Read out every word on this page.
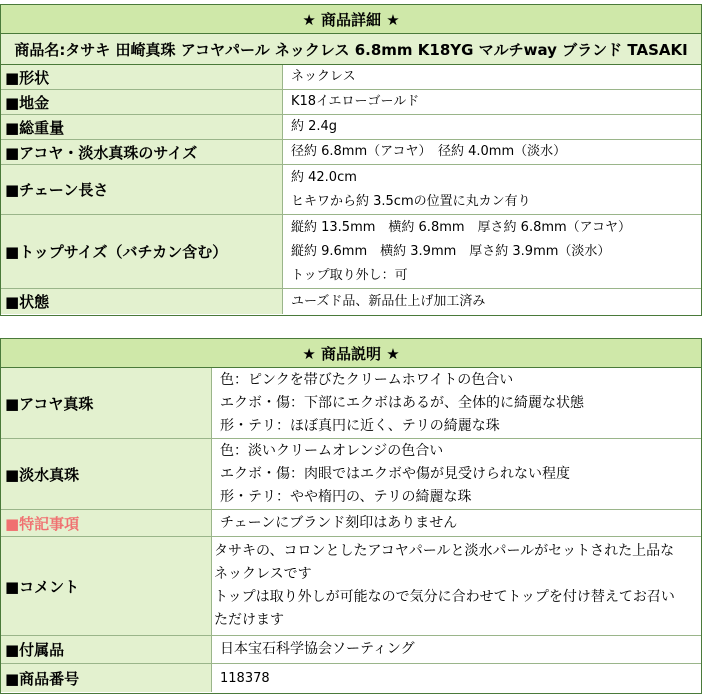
★ 商品詳細 ★
商品名:タサキ 田崎真珠 アコヤパール ネックレス 6.8mm K18YG マルチway ブランド TASAKI
■形状	ネックレス
■地金	K18イエローゴールド
■総重量	約 2.4g
■アコヤ・淡水真珠のサイズ	径約 6.8mm（アコヤ）　径約 4.0mm（淡水）
■チェーン長さ
約 42.0cm
ヒキワから約 3.5cmの位置に丸カン有り
■トップサイズ（バチカン含む）
縦約 13.5mm　横約 6.8mm　厚さ約 6.8mm（アコヤ）
縦約 9.6mm　横約 3.9mm　厚さ約 3.9mm（淡水）
トップ取り外し：可
■状態	ユーズド品、新品仕上げ加工済み
★ 商品説明 ★
■アコヤ真珠
色：ピンクを帯びたクリームホワイトの色合い
エクボ・傷：下部にエクボはあるが、全体的に綺麗な状態
形・テリ：ほぼ真円に近く、テリの綺麗な珠
■淡水真珠
色：淡いクリームオレンジの色合い
エクボ・傷：肉眼ではエクボや傷が見受けられない程度
形・テリ：やや楕円の、テリの綺麗な珠
■特記事項	チェーンにブランド刻印はありません
■コメント
タサキの、コロンとしたアコヤパールと淡水パールがセットされた上品な
ネックレスです
トップは取り外しが可能なので気分に合わせてトップを付け替えてお召い
ただけます
■付属品	日本宝石科学協会ソーティング
■商品番号	118378
